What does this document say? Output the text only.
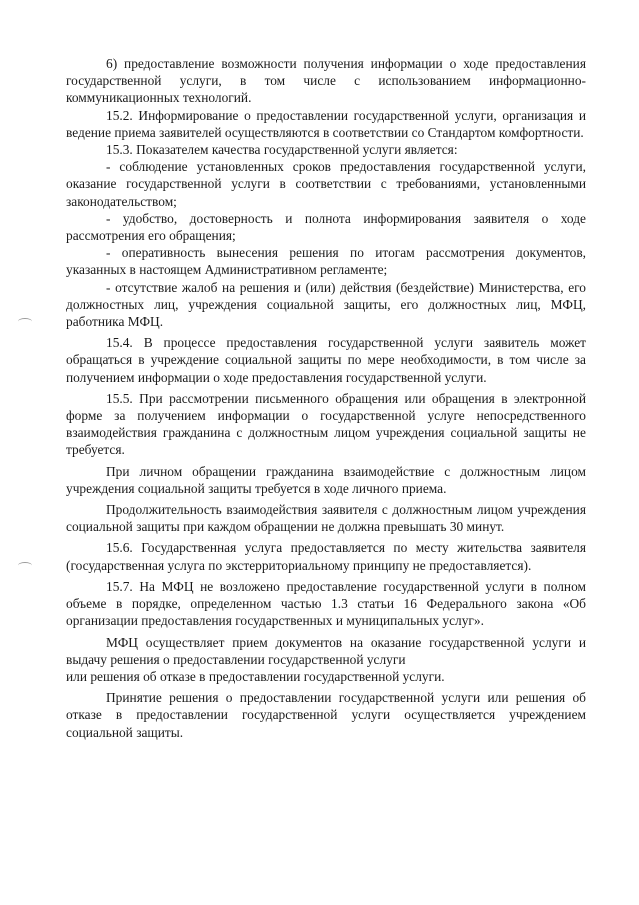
6) предоставление возможности получения информации о ходе предоставления государственной услуги, в том числе с использованием информационно-коммуникационных технологий.

15.2. Информирование о предоставлении государственной услуги, организация и ведение приема заявителей осуществляются в соответствии со Стандартом комфортности.

15.3. Показателем качества государственной услуги является:

- соблюдение установленных сроков предоставления государственной услуги, оказание государственной услуги в соответствии с требованиями, установленными законодательством;

- удобство, достоверность и полнота информирования заявителя о ходе рассмотрения его обращения;

- оперативность вынесения решения по итогам рассмотрения документов, указанных в настоящем Административном регламенте;

- отсутствие жалоб на решения и (или) действия (бездействие) Министерства, его должностных лиц, учреждения социальной защиты, его должностных лиц, МФЦ, работника МФЦ.

15.4. В процессе предоставления государственной услуги заявитель может обращаться в учреждение социальной защиты по мере необходимости, в том числе за получением информации о ходе предоставления государственной услуги.

15.5. При рассмотрении письменного обращения или обращения в электронной форме за получением информации о государственной услуге непосредственного взаимодействия гражданина с должностным лицом учреждения социальной защиты не требуется.

При личном обращении гражданина взаимодействие с должностным лицом учреждения социальной защиты требуется в ходе личного приема.

Продолжительность взаимодействия заявителя с должностным лицом учреждения социальной защиты при каждом обращении не должна превышать 30 минут.

15.6. Государственная услуга предоставляется по месту жительства заявителя (государственная услуга по экстерриториальному принципу не предоставляется).

15.7. На МФЦ не возложено предоставление государственной услуги в полном объеме в порядке, определенном частью 1.3 статьи 16 Федерального закона «Об организации предоставления государственных и муниципальных услуг».

МФЦ осуществляет прием документов на оказание государственной услуги и выдачу решения о предоставлении государственной услуги

или решения об отказе в предоставлении государственной услуги.

Принятие решения о предоставлении государственной услуги или решения об отказе в предоставлении государственной услуги осуществляется учреждением социальной защиты.
